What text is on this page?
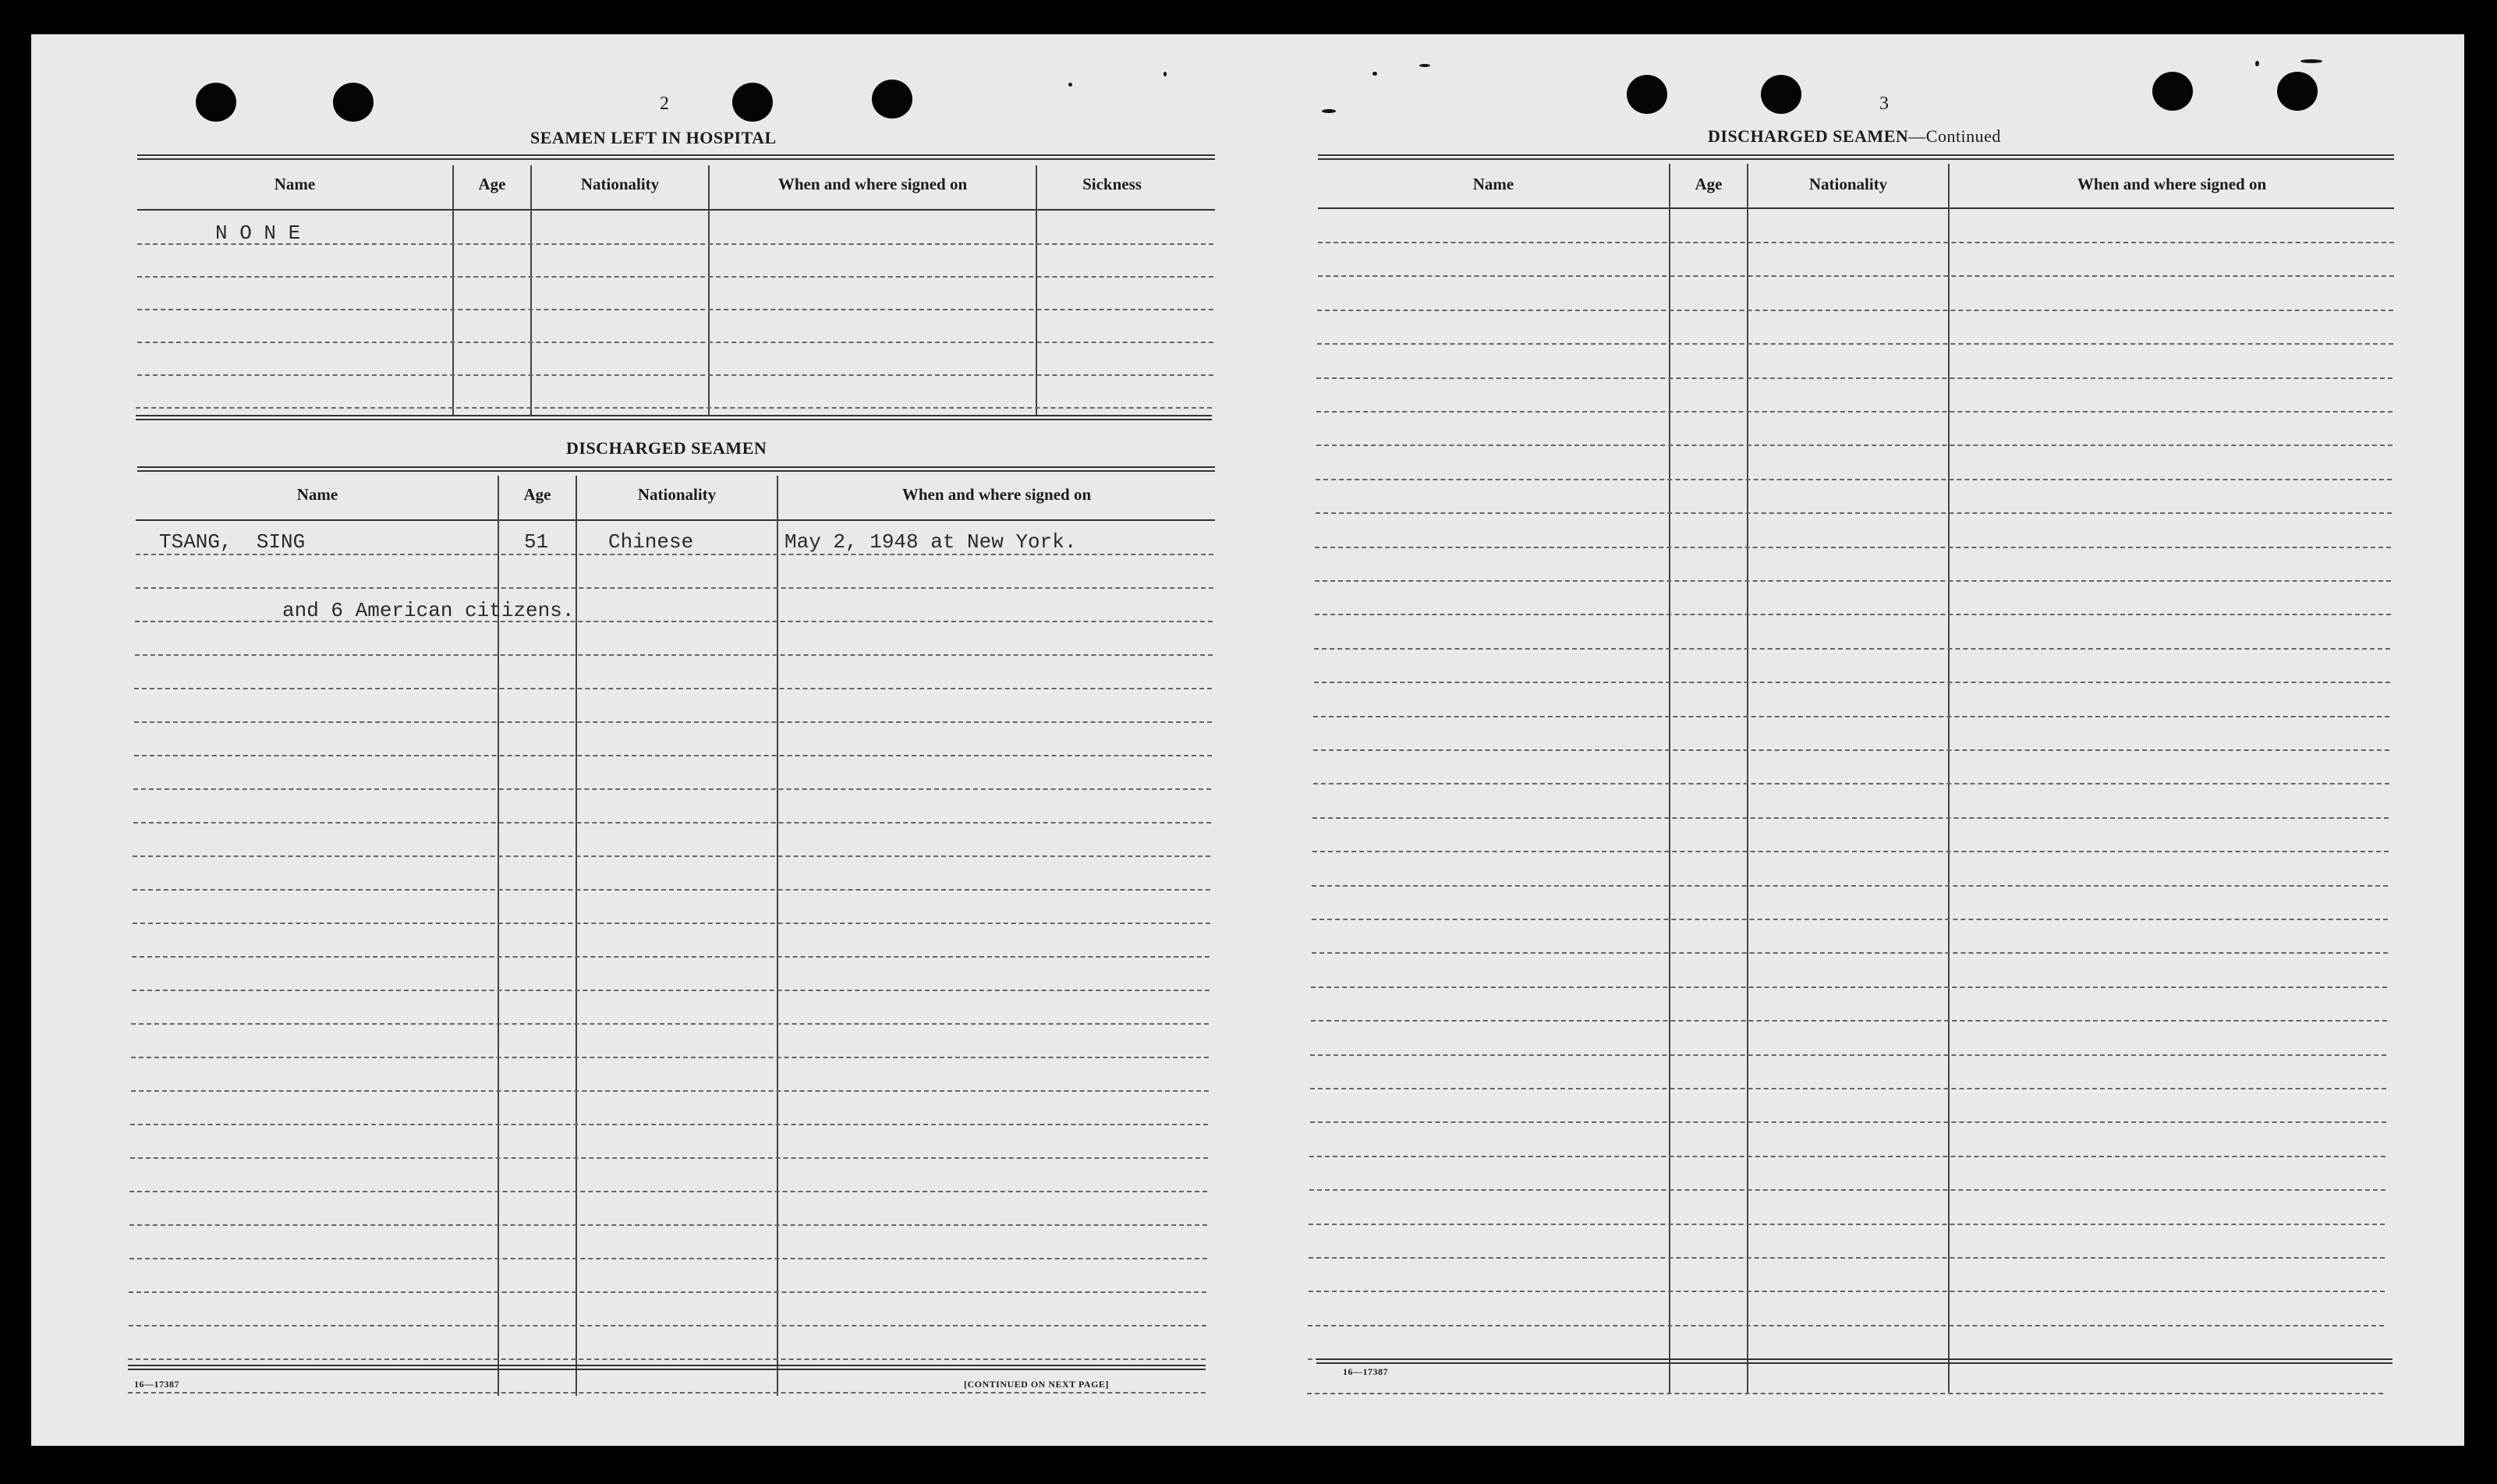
2
SEAMEN LEFT IN HOSPITAL
Name	Age	Nationality	When and where signed on	Sickness
N O N E
DISCHARGED SEAMEN
Name	Age	Nationality	When and where signed on
TSANG,  SING	51	Chinese	May 2, 1948 at New York.
and 6 American citizens.
16—17387	[CONTINUED ON NEXT PAGE]
3
DISCHARGED SEAMEN—Continued
Name	Age	Nationality	When and where signed on
16—17387
